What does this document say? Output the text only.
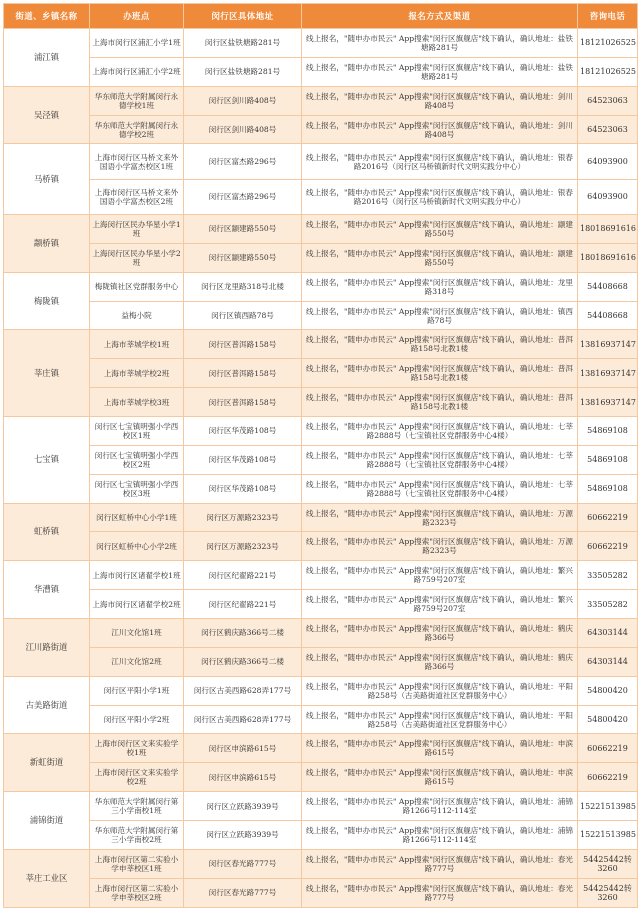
街道、乡镇名称	办班点	闵行区具体地址	报名方式及渠道	咨询电话
浦江镇	上海市闵行区浦汇小学1班	闵行区盐铁塘路281号	线上报名，"随申办市民云" App搜索"闵行区旗舰店"线下确认，确认地址：盐铁塘路281号	18121026525
	上海市闵行区浦汇小学2班	闵行区盐铁塘路281号	线上报名，"随申办市民云" App搜索"闵行区旗舰店"线下确认，确认地址：盐铁塘路281号	18121026525
吴泾镇	华东师范大学附属闵行永德学校1班	闵行区剑川路408号	线上报名，"随申办市民云" App搜索"闵行区旗舰店"线下确认，确认地址：剑川路408号	64523063
	华东师范大学附属闵行永德学校2班	闵行区剑川路408号	线上报名，"随申办市民云" App搜索"闵行区旗舰店"线下确认，确认地址：剑川路408号	64523063
马桥镇	上海市闵行区马桥文来外国语小学富杰校区1班	闵行区富杰路296号	线上报名，"随申办市民云" App搜索"闵行区旗舰店"线下确认，确认地址：银春路2016号（闵行区马桥镇新时代文明实践分中心）	64093900
	上海市闵行区马桥文来外国语小学富杰校区2班	闵行区富杰路296号	线上报名，"随申办市民云" App搜索"闵行区旗舰店"线下确认，确认地址：银春路2016号（闵行区马桥镇新时代文明实践分中心）	64093900
颛桥镇	上海闵行区民办华星小学1班	闵行区颛建路550号	线上报名，"随申办市民云" App搜索"闵行区旗舰店"线下确认，确认地址：颛建路550号	18018691616
	上海闵行区民办华星小学2班	闵行区颛建路550号	线上报名，"随申办市民云" App搜索"闵行区旗舰店"线下确认，确认地址：颛建路550号	18018691616
梅陇镇	梅陇镇社区党群服务中心	闵行区龙里路318号北楼	线上报名，"随申办市民云" App搜索"闵行区旗舰店"线下确认，确认地址：龙里路318号	54408668
	益梅小院	闵行区镇西路78号	线上报名，"随申办市民云" App搜索"闵行区旗舰店"线下确认，确认地址：镇西路78号	54408668
莘庄镇	上海市莘城学校1班	闵行区普洱路158号	线上报名，"随申办市民云" App搜索"闵行区旗舰店"线下确认，确认地址：普洱路158号北教1楼	13816937147
	上海市莘城学校2班	闵行区普洱路158号	线上报名，"随申办市民云" App搜索"闵行区旗舰店"线下确认，确认地址：普洱路158号北教1楼	13816937147
	上海市莘城学校3班	闵行区普洱路158号	线上报名，"随申办市民云" App搜索"闵行区旗舰店"线下确认，确认地址：普洱路158号北教1楼	13816937147
七宝镇	闵行区七宝镇明强小学西校区1班	闵行区华茂路108号	线上报名，"随申办市民云" App搜索"闵行区旗舰店"线下确认，确认地址：七莘路2888号（七宝镇社区党群服务中心4楼）	54869108
	闵行区七宝镇明强小学西校区2班	闵行区华茂路108号	线上报名，"随申办市民云" App搜索"闵行区旗舰店"线下确认，确认地址：七莘路2888号（七宝镇社区党群服务中心4楼）	54869108
	闵行区七宝镇明强小学西校区3班	闵行区华茂路108号	线上报名，"随申办市民云" App搜索"闵行区旗舰店"线下确认，确认地址：七莘路2888号（七宝镇社区党群服务中心4楼）	54869108
虹桥镇	闵行区虹桥中心小学1班	闵行区万源路2323号	线上报名，"随申办市民云" App搜索"闵行区旗舰店"线下确认，确认地址：万源路2323号	60662219
	闵行区虹桥中心小学2班	闵行区万源路2323号	线上报名，"随申办市民云" App搜索"闵行区旗舰店"线下确认，确认地址：万源路2323号	60662219
华漕镇	上海市闵行区诸翟学校1班	闵行区纪翟路221号	线上报名，"随申办市民云" App搜索"闵行区旗舰店"线下确认，确认地址：繁兴路759号207室	33505282
	上海市闵行区诸翟学校2班	闵行区纪翟路221号	线上报名，"随申办市民云" App搜索"闵行区旗舰店"线下确认，确认地址：繁兴路759号207室	33505282
江川路街道	江川文化馆1班	闵行区鹤庆路366号二楼	线上报名，"随申办市民云" App搜索"闵行区旗舰店"线下确认，确认地址：鹤庆路366号	64303144
	江川文化馆2班	闵行区鹤庆路366号二楼	线上报名，"随申办市民云" App搜索"闵行区旗舰店"线下确认，确认地址：鹤庆路366号	64303144
古美路街道	闵行区平阳小学1班	闵行区古美西路628弄177号	线上报名，"随申办市民云" App搜索"闵行区旗舰店"线下确认，确认地址：平阳路258号（古美路街道社区党群服务中心）	54800420
	闵行区平阳小学2班	闵行区古美西路628弄177号	线上报名，"随申办市民云" App搜索"闵行区旗舰店"线下确认，确认地址：平阳路258号（古美路街道社区党群服务中心）	54800420
新虹街道	上海市闵行区文来实验学校1班	闵行区申滨路615号	线上报名，"随申办市民云" App搜索"闵行区旗舰店"线下确认，确认地址：申滨路615号	60662219
	上海市闵行区文来实验学校2班	闵行区申滨路615号	线上报名，"随申办市民云" App搜索"闵行区旗舰店"线下确认，确认地址：申滨路615号	60662219
浦锦街道	华东师范大学附属闵行第三小学南校1班	闵行区立跃路3939号	线上报名，"随申办市民云" App搜索"闵行区旗舰店"线下确认，确认地址：浦锦路1266号112-114室	15221513985
	华东师范大学附属闵行第三小学南校2班	闵行区立跃路3939号	线上报名，"随申办市民云" App搜索"闵行区旗舰店"线下确认，确认地址：浦锦路1266号112-114室	15221513985
莘庄工业区	上海市闵行区第二实验小学申莘校区1班	闵行区春光路777号	线上报名，"随申办市民云" App搜索"闵行区旗舰店"线下确认，确认地址：春光路777号	54425442转3260
	上海市闵行区第二实验小学申莘校区2班	闵行区春光路777号	线上报名，"随申办市民云" App搜索"闵行区旗舰店"线下确认，确认地址：春光路777号	54425442转3260
